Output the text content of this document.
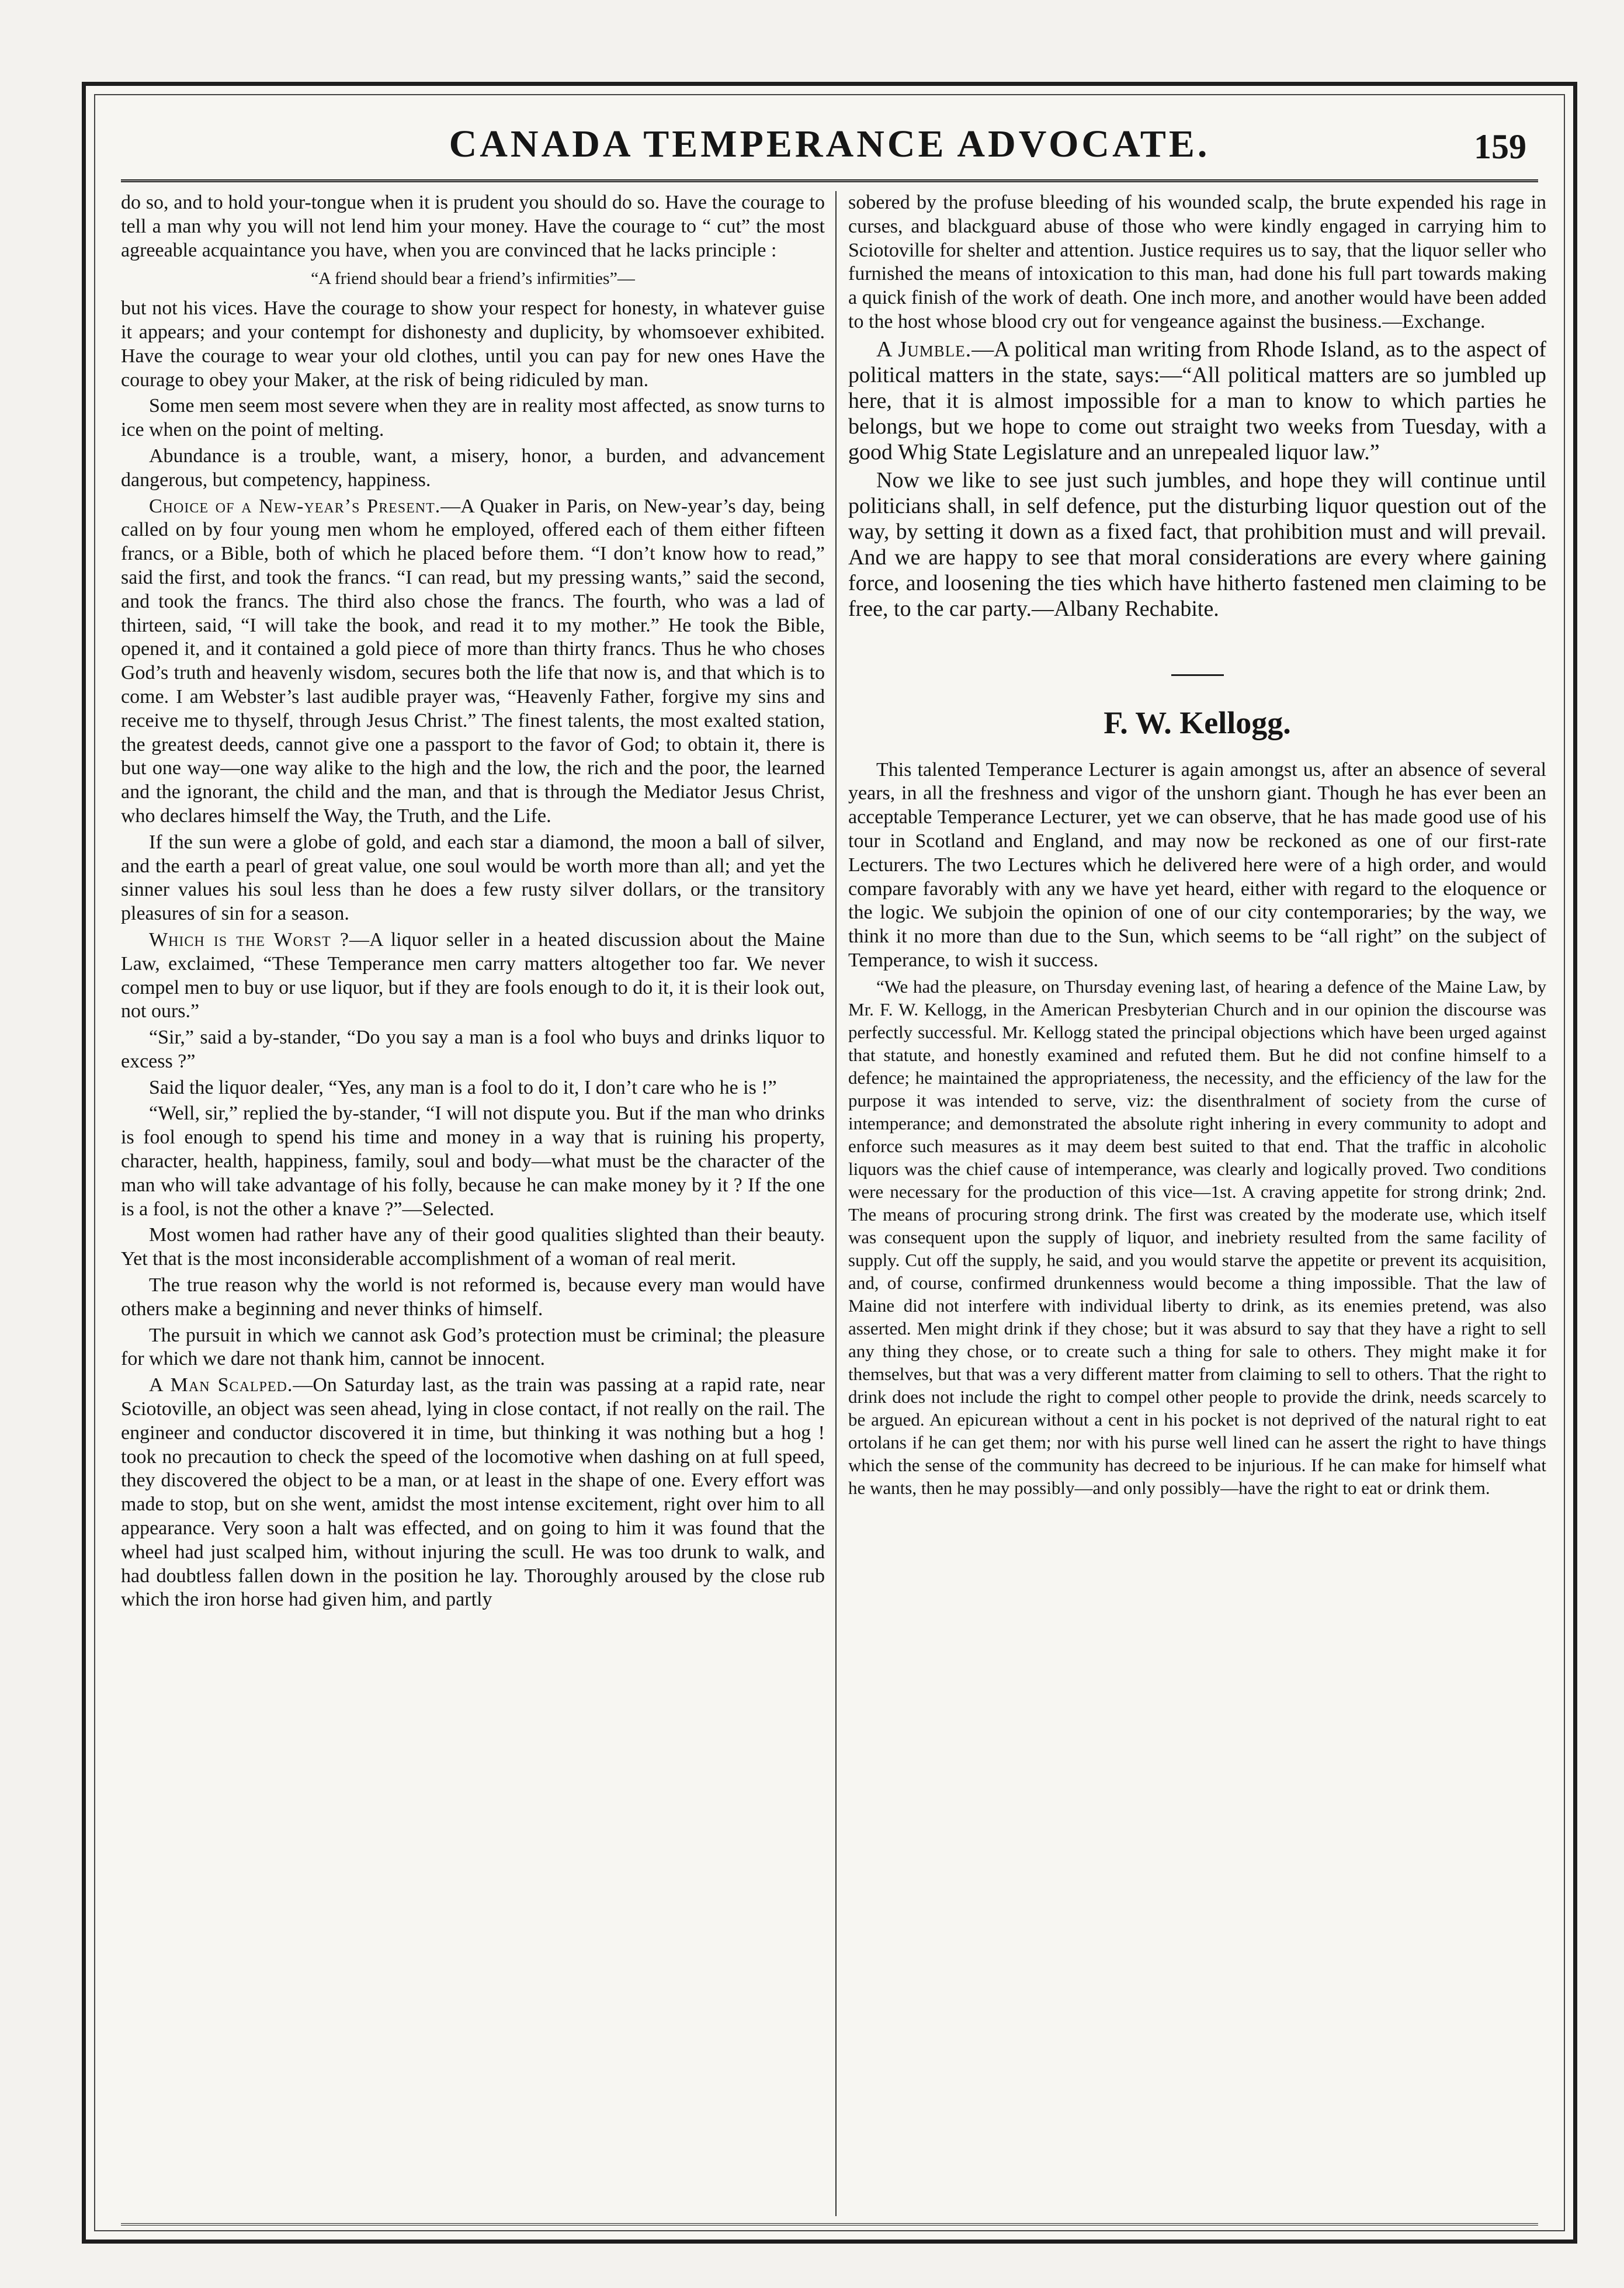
CANADA TEMPERANCE ADVOCATE.	159

do so, and to hold your-tongue when it is prudent you should do so. Have the courage to tell a man why you will not lend him your money. Have the courage to “ cut” the most agreeable acquaintance you have, when you are convinced that he lacks principle :

“A friend should bear a friend’s infirmities”—

but not his vices. Have the courage to show your respect for honesty, in whatever guise it appears; and your contempt for dishonesty and duplicity, by whomsoever exhibited. Have the courage to wear your old clothes, until you can pay for new ones Have the courage to obey your Maker, at the risk of being ridiculed by man.

Some men seem most severe when they are in reality most affected, as snow turns to ice when on the point of melting.

Abundance is a trouble, want, a misery, honor, a burden, and advancement dangerous, but competency, happiness.

Choice of a New-year’s Present.—A Quaker in Paris, on New-year’s day, being called on by four young men whom he employed, offered each of them either fifteen francs, or a Bible, both of which he placed before them. “I don’t know how to read,” said the first, and took the francs. “I can read, but my pressing wants,” said the second, and took the francs. The third also chose the francs. The fourth, who was a lad of thirteen, said, “I will take the book, and read it to my mother.” He took the Bible, opened it, and it contained a gold piece of more than thirty francs. Thus he who choses God’s truth and heavenly wisdom, secures both the life that now is, and that which is to come. I am Webster’s last audible prayer was, “Heavenly Father, forgive my sins and receive me to thyself, through Jesus Christ.” The finest talents, the most exalted station, the greatest deeds, cannot give one a passport to the favor of God; to obtain it, there is but one way—one way alike to the high and the low, the rich and the poor, the learned and the ignorant, the child and the man, and that is through the Mediator Jesus Christ, who declares himself the Way, the Truth, and the Life.

If the sun were a globe of gold, and each star a diamond, the moon a ball of silver, and the earth a pearl of great value, one soul would be worth more than all; and yet the sinner values his soul less than he does a few rusty silver dollars, or the transitory pleasures of sin for a season.

Which is the Worst ?—A liquor seller in a heated discussion about the Maine Law, exclaimed, “These Temperance men carry matters altogether too far. We never compel men to buy or use liquor, but if they are fools enough to do it, it is their look out, not ours.”

“Sir,” said a by-stander, “Do you say a man is a fool who buys and drinks liquor to excess ?”

Said the liquor dealer, “Yes, any man is a fool to do it, I don’t care who he is !”

“Well, sir,” replied the by-stander, “I will not dispute you. But if the man who drinks is fool enough to spend his time and money in a way that is ruining his property, character, health, happiness, family, soul and body—what must be the character of the man who will take advantage of his folly, because he can make money by it ? If the one is a fool, is not the other a knave ?”—Selected.

Most women had rather have any of their good qualities slighted than their beauty. Yet that is the most inconsiderable accomplishment of a woman of real merit.

The true reason why the world is not reformed is, because every man would have others make a beginning and never thinks of himself.

The pursuit in which we cannot ask God’s protection must be criminal; the pleasure for which we dare not thank him, cannot be innocent.

A Man Scalped.—On Saturday last, as the train was passing at a rapid rate, near Sciotoville, an object was seen ahead, lying in close contact, if not really on the rail. The engineer and conductor discovered it in time, but thinking it was nothing but a hog ! took no precaution to check the speed of the locomotive when dashing on at full speed, they discovered the object to be a man, or at least in the shape of one. Every effort was made to stop, but on she went, amidst the most intense excitement, right over him to all appearance. Very soon a halt was effected, and on going to him it was found that the wheel had just scalped him, without injuring the scull. He was too drunk to walk, and had doubtless fallen down in the position he lay. Thoroughly aroused by the close rub which the iron horse had given him, and partly

sobered by the profuse bleeding of his wounded scalp, the brute expended his rage in curses, and blackguard abuse of those who were kindly engaged in carrying him to Sciotoville for shelter and attention. Justice requires us to say, that the liquor seller who furnished the means of intoxication to this man, had done his full part towards making a quick finish of the work of death. One inch more, and another would have been added to the host whose blood cry out for vengeance against the business.—Exchange.

A Jumble.—A political man writing from Rhode Island, as to the aspect of political matters in the state, says:—“All political matters are so jumbled up here, that it is almost impossible for a man to know to which parties he belongs, but we hope to come out straight two weeks from Tuesday, with a good Whig State Legislature and an unrepealed liquor law.”

Now we like to see just such jumbles, and hope they will continue until politicians shall, in self defence, put the disturbing liquor question out of the way, by setting it down as a fixed fact, that prohibition must and will prevail. And we are happy to see that moral considerations are every where gaining force, and loosening the ties which have hitherto fastened men claiming to be free, to the car party.—Albany Rechabite.

F. W. Kellogg.

This talented Temperance Lecturer is again amongst us, after an absence of several years, in all the freshness and vigor of the unshorn giant. Though he has ever been an acceptable Temperance Lecturer, yet we can observe, that he has made good use of his tour in Scotland and England, and may now be reckoned as one of our first-rate Lecturers. The two Lectures which he delivered here were of a high order, and would compare favorably with any we have yet heard, either with regard to the eloquence or the logic. We subjoin the opinion of one of our city contemporaries; by the way, we think it no more than due to the Sun, which seems to be “all right” on the subject of Temperance, to wish it success.

“We had the pleasure, on Thursday evening last, of hearing a defence of the Maine Law, by Mr. F. W. Kellogg, in the American Presbyterian Church and in our opinion the discourse was perfectly successful. Mr. Kellogg stated the principal objections which have been urged against that statute, and honestly examined and refuted them. But he did not confine himself to a defence; he maintained the appropriateness, the necessity, and the efficiency of the law for the purpose it was intended to serve, viz: the disenthralment of society from the curse of intemperance; and demonstrated the absolute right inhering in every community to adopt and enforce such measures as it may deem best suited to that end. That the traffic in alcoholic liquors was the chief cause of intemperance, was clearly and logically proved. Two conditions were necessary for the production of this vice—1st. A craving appetite for strong drink; 2nd. The means of procuring strong drink. The first was created by the moderate use, which itself was consequent upon the supply of liquor, and inebriety resulted from the same facility of supply. Cut off the supply, he said, and you would starve the appetite or prevent its acquisition, and, of course, confirmed drunkenness would become a thing impossible. That the law of Maine did not interfere with individual liberty to drink, as its enemies pretend, was also asserted. Men might drink if they chose; but it was absurd to say that they have a right to sell any thing they chose, or to create such a thing for sale to others. They might make it for themselves, but that was a very different matter from claiming to sell to others. That the right to drink does not include the right to compel other people to provide the drink, needs scarcely to be argued. An epicurean without a cent in his pocket is not deprived of the natural right to eat ortolans if he can get them; nor with his purse well lined can he assert the right to have things which the sense of the community has decreed to be injurious. If he can make for himself what he wants, then he may possibly—and only possibly—have the right to eat or drink them.
